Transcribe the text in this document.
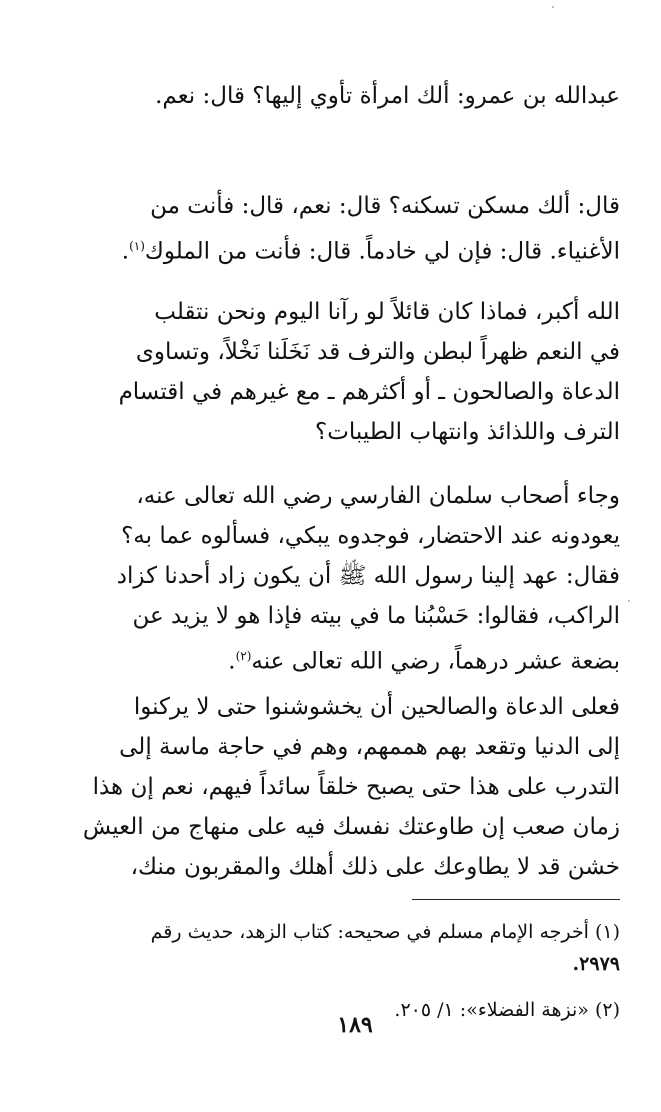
عبدالله بن عمرو: ألك امرأة تأوي إليها؟ قال: نعم.

قال: ألك مسكن تسكنه؟ قال: نعم، قال: فأنت من
الأغنياء. قال: فإن لي خادماً. قال: فأنت من الملوك$^{(١)}$.

الله أكبر، فماذا كان قائلاً لو رآنا اليوم ونحن نتقلب
في النعم ظهراً لبطن والترف قد نَخَلَنا نَخْلاً، وتساوى
الدعاة والصالحون ـ أو أكثرهم ـ مع غيرهم في اقتسام
الترف واللذائذ وانتهاب الطيبات؟

وجاء أصحاب سلمان الفارسي رضي الله تعالى عنه،
يعودونه عند الاحتضار، فوجدوه يبكي، فسألوه عما به؟
فقال: عهد إلينا رسول الله ﷺ أن يكون زاد أحدنا كزاد
الراكب، فقالوا: حَسْبُنا ما في بيته فإذا هو لا يزيد عن
بضعة عشر درهماً، رضي الله تعالى عنه$^{(٢)}$.

فعلى الدعاة والصالحين أن يخشوشنوا حتى لا يركنوا
إلى الدنيا وتقعد بهم هممهم، وهم في حاجة ماسة إلى
التدرب على هذا حتى يصبح خلقاً سائداً فيهم، نعم إن هذا
زمان صعب إن طاوعتك نفسك فيه على منهاج من العيش
خشن قد لا يطاوعك على ذلك أهلك والمقربون منك،

(١) أخرجه الإمام مسلم في صحيحه: كتاب الزهد، حديث رقم
٢٩٧٩.
(٢) «نزهة الفضلاء»: ١/ ٢٠٥.
١٨٩
